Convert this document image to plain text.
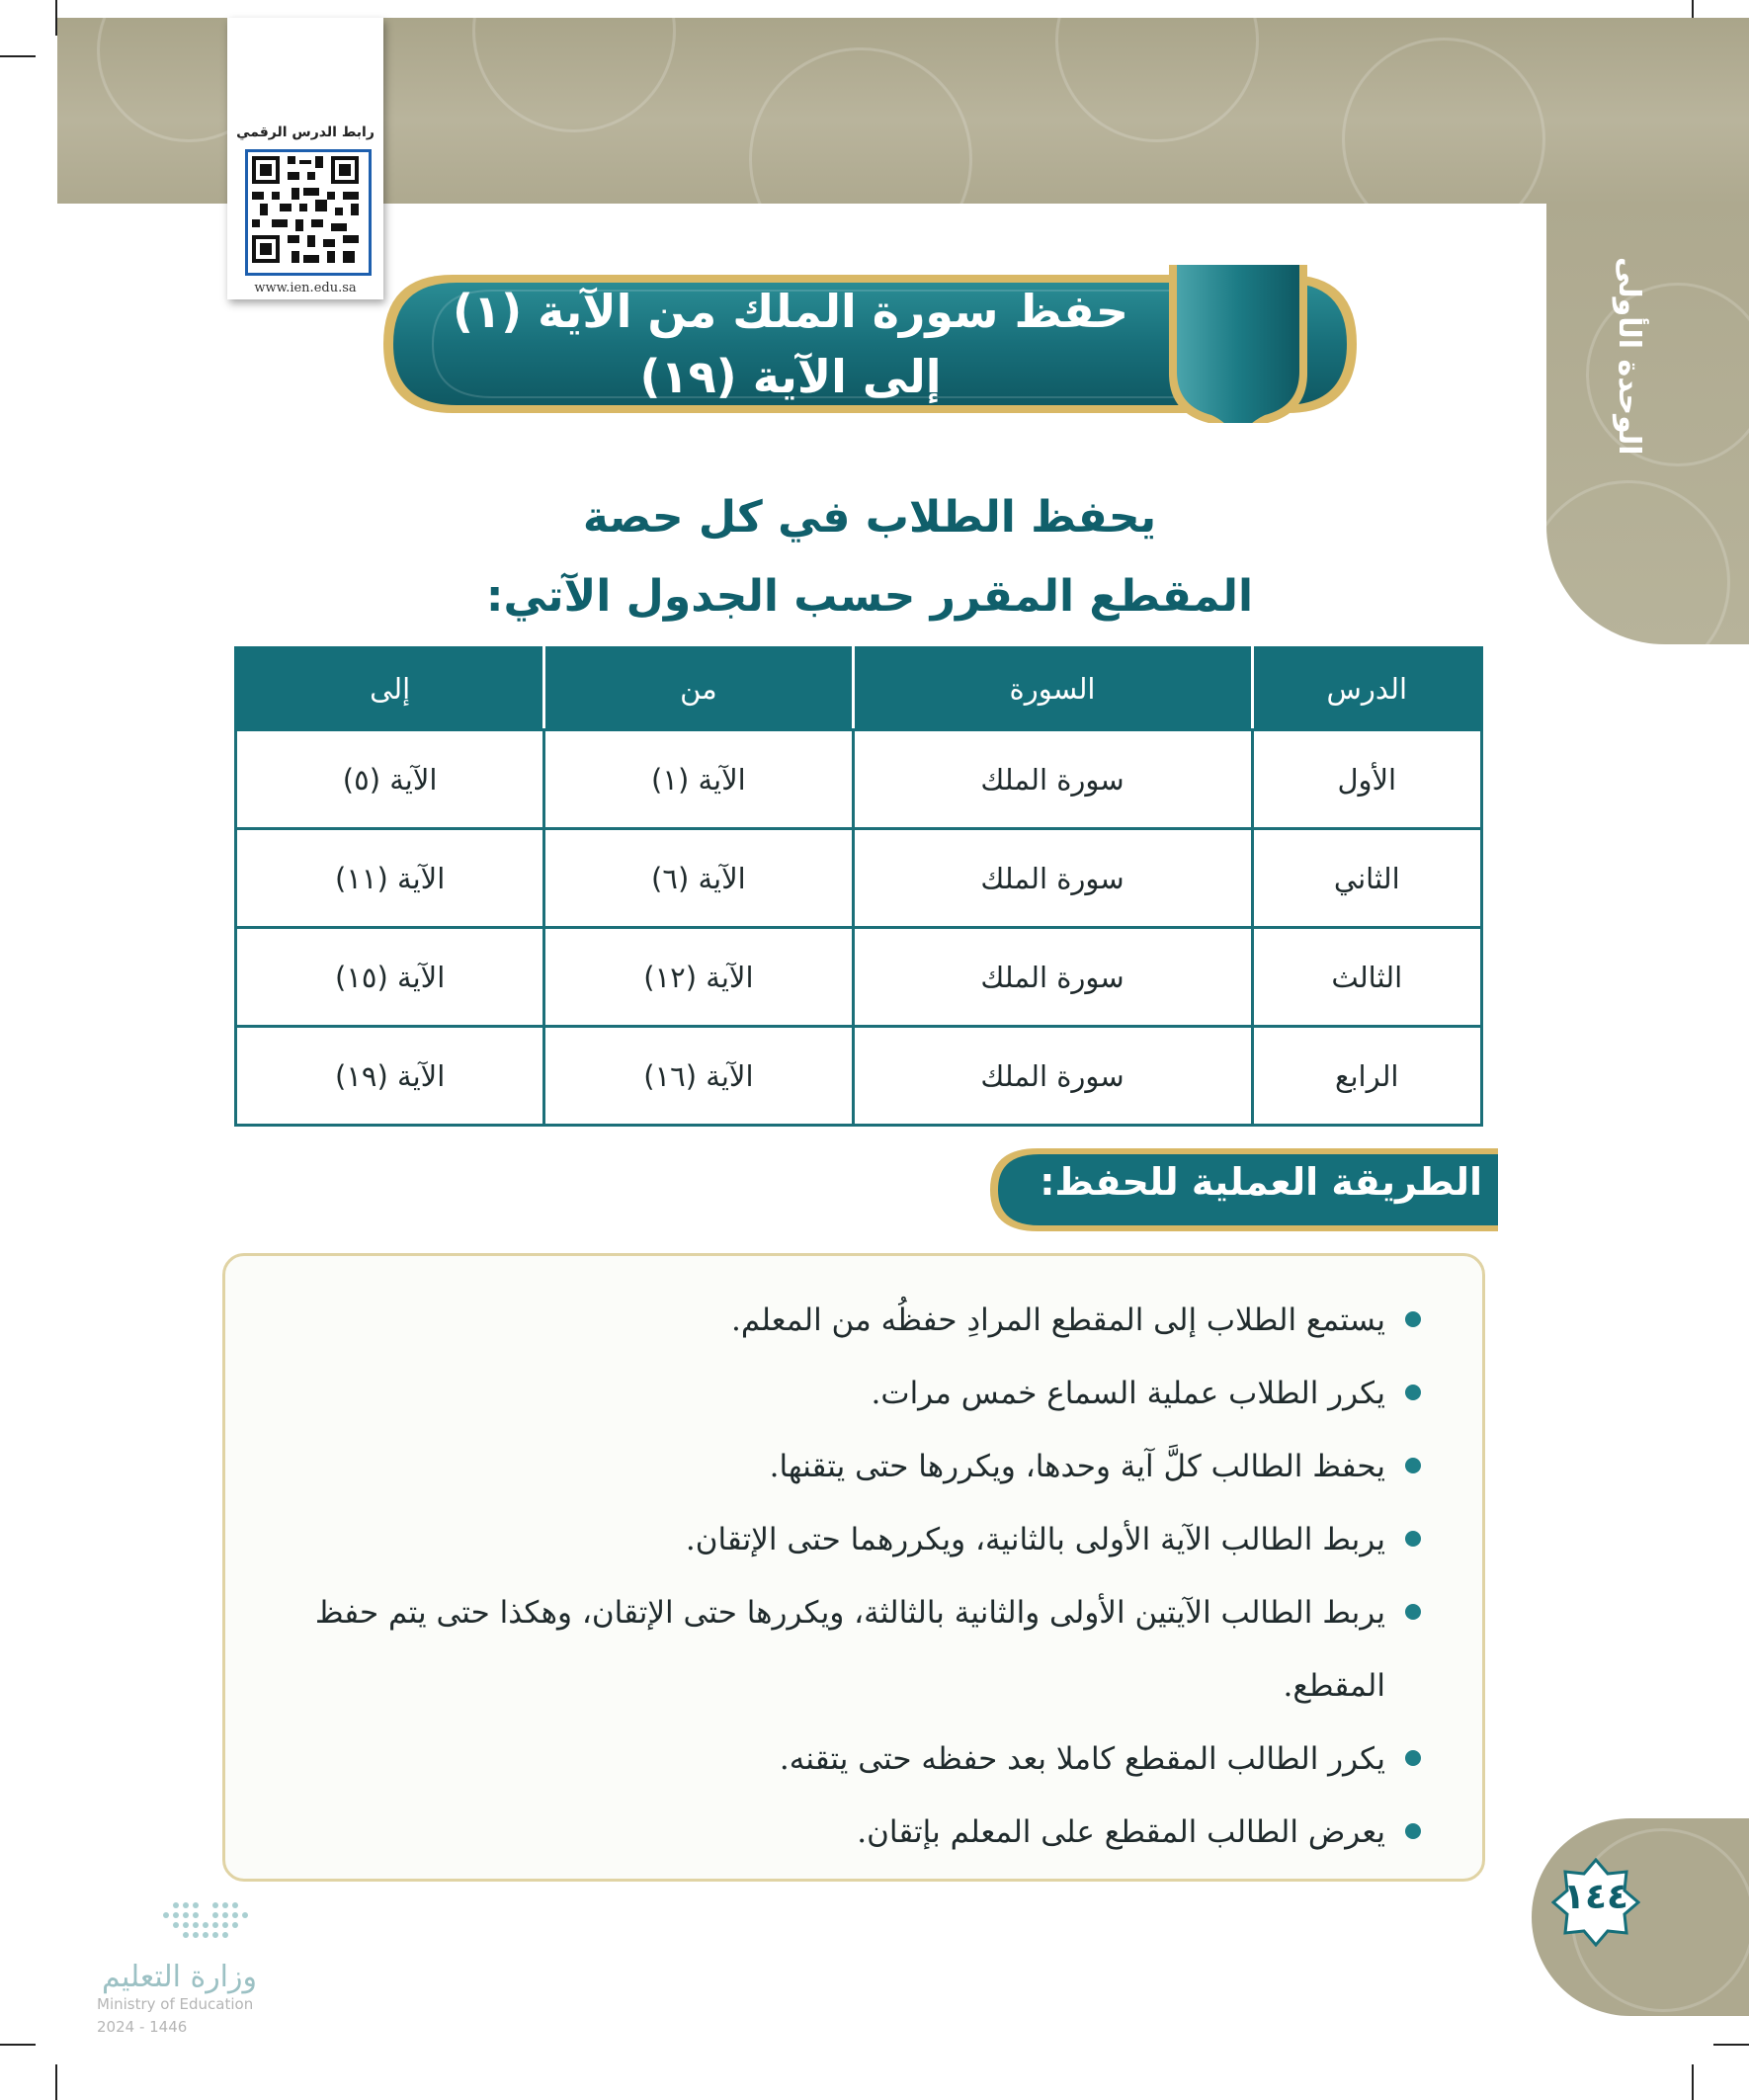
الوحدة الأولى
رابط الدرس الرقمي
www.ien.edu.sa	حفظ سورة الملك من الآية (١)
إلى الآية (١٩)
يحفظ الطلاب في كل حصة
المقطع المقرر حسب الجدول الآتي:
الدرس	السورة	من	إلى
الأول	سورة الملك	الآية (١)	الآية (٥)
الثاني	سورة الملك	الآية (٦)	الآية (١١)
الثالث	سورة الملك	الآية (١٢)	الآية (١٥)
الرابع	سورة الملك	الآية (١٦)	الآية (١٩)
الطريقة العملية للحفظ:
يستمع الطلاب إلى المقطع المرادِ حفظُه من المعلم.
يكرر الطلاب عملية السماع خمس مرات.
يحفظ الطالب كلَّ آية وحدها، ويكررها حتى يتقنها.
يربط الطالب الآية الأولى بالثانية، ويكررهما حتى الإتقان.
يربط الطالب الآيتين الأولى والثانية بالثالثة، ويكررها حتى الإتقان، وهكذا حتى يتم حفظ المقطع.
يكرر الطالب المقطع كاملا بعد حفظه حتى يتقنه.
يعرض الطالب المقطع على المعلم بإتقان.
١٤٤
وزارة التعليم
Ministry of Education
2024 - 1446
